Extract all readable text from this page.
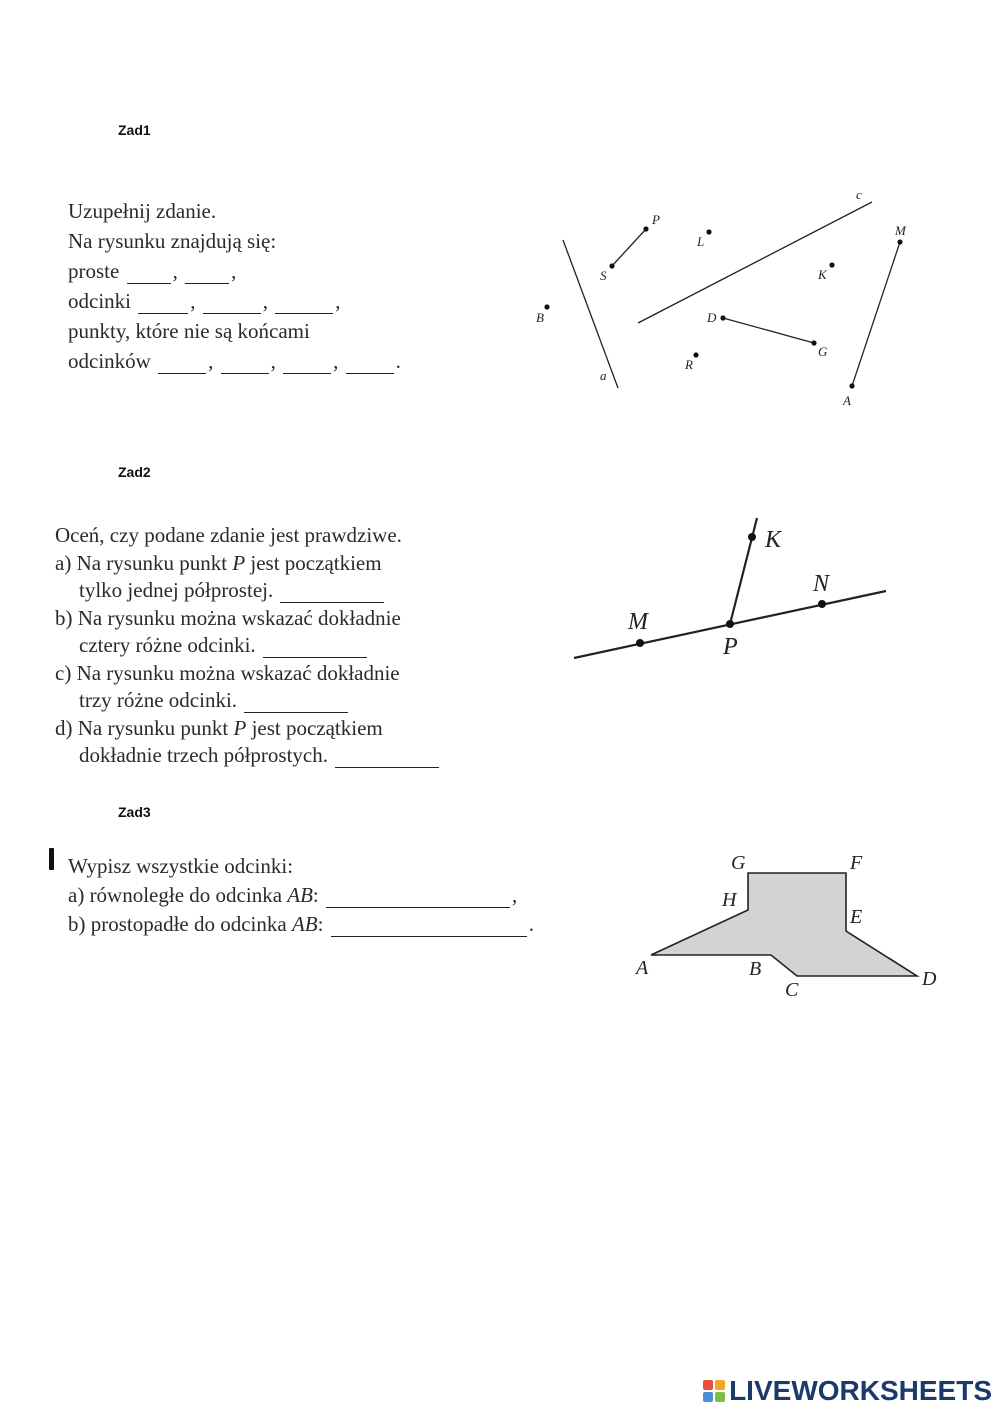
Zad1
Uzupełnij zdanie.
Na rysunku znajdują się:
proste	,	,
odcinki	,	,	,
punkty, które nie są końcami
odcinków	,	,	,	.
P
S
L
K
M
B	D
G
R
A
a
c
Zad2
Oceń, czy podane zdanie jest prawdziwe.
a) Na rysunku punkt P jest początkiem
tylko jednej półprostej.
b) Na rysunku można wskazać dokładnie
cztery różne odcinki.
c) Na rysunku można wskazać dokładnie
trzy różne odcinki.
d) Na rysunku punkt P jest początkiem
dokładnie trzech półprostych.
K
N
M
P
Zad3
Wypisz wszystkie odcinki:
a) równoległe do odcinka AB:	,
b) prostopadłe do odcinka AB:	.
G	F
H
E
A	B
C	D
LIVE WORKSHEETS
